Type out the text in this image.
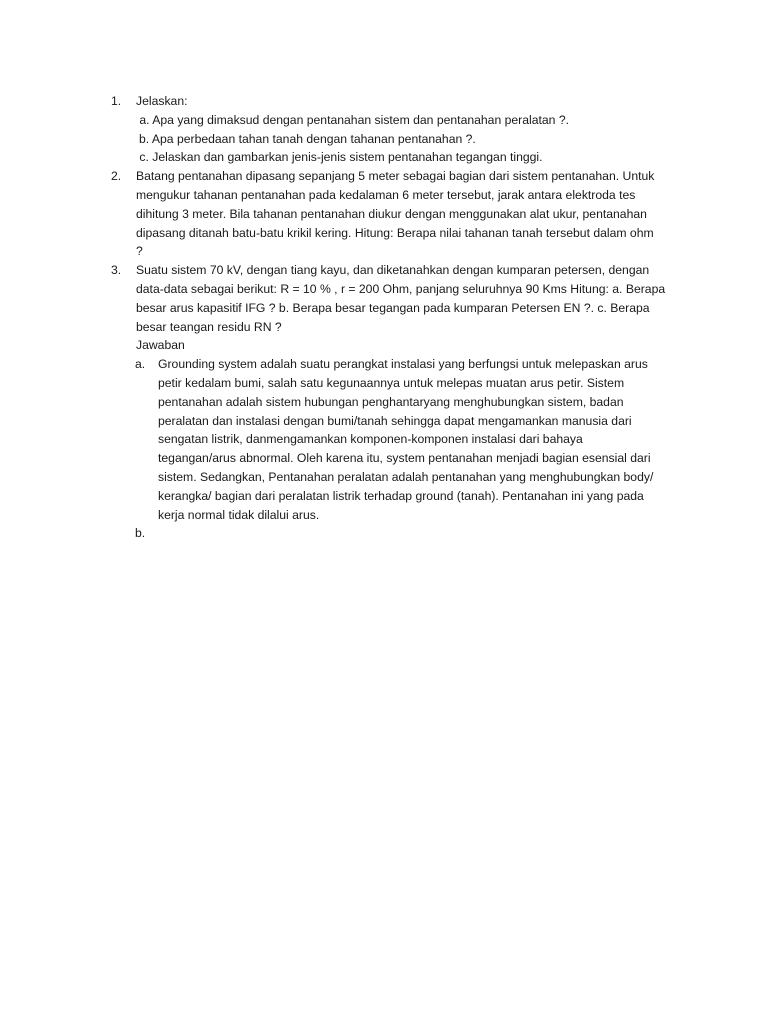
1. Jelaskan:
a. Apa yang dimaksud dengan pentanahan sistem dan pentanahan peralatan ?.
b. Apa perbedaan tahan tanah dengan tahanan pentanahan ?.
c. Jelaskan dan gambarkan jenis-jenis sistem pentanahan tegangan tinggi.
2. Batang pentanahan dipasang sepanjang 5 meter sebagai bagian dari sistem pentanahan. Untuk
mengukur tahanan pentanahan pada kedalaman 6 meter tersebut, jarak antara elektroda tes
dihitung 3 meter. Bila tahanan pentanahan diukur dengan menggunakan alat ukur, pentanahan
dipasang ditanah batu-batu krikil kering. Hitung: Berapa nilai tahanan tanah tersebut dalam ohm
?
3. Suatu sistem 70 kV, dengan tiang kayu, dan diketanahkan dengan kumparan petersen, dengan
data-data sebagai berikut: R = 10 % , r = 200 Ohm, panjang seluruhnya 90 Kms Hitung: a. Berapa
besar arus kapasitif IFG ? b. Berapa besar tegangan pada kumparan Petersen EN ?. c. Berapa
besar teangan residu RN ?
Jawaban
a. Grounding system adalah suatu perangkat instalasi yang berfungsi untuk melepaskan arus
petir kedalam bumi, salah satu kegunaannya untuk melepas muatan arus petir. Sistem
pentanahan adalah sistem hubungan penghantaryang menghubungkan sistem, badan
peralatan dan instalasi dengan bumi/tanah sehingga dapat mengamankan manusia dari
sengatan listrik, danmengamankan komponen-komponen instalasi dari bahaya
tegangan/arus abnormal. Oleh karena itu, system pentanahan menjadi bagian esensial dari
sistem. Sedangkan, Pentanahan peralatan adalah pentanahan yang menghubungkan body/
kerangka/ bagian dari peralatan listrik terhadap ground (tanah). Pentanahan ini yang pada
kerja normal tidak dilalui arus.
b.
